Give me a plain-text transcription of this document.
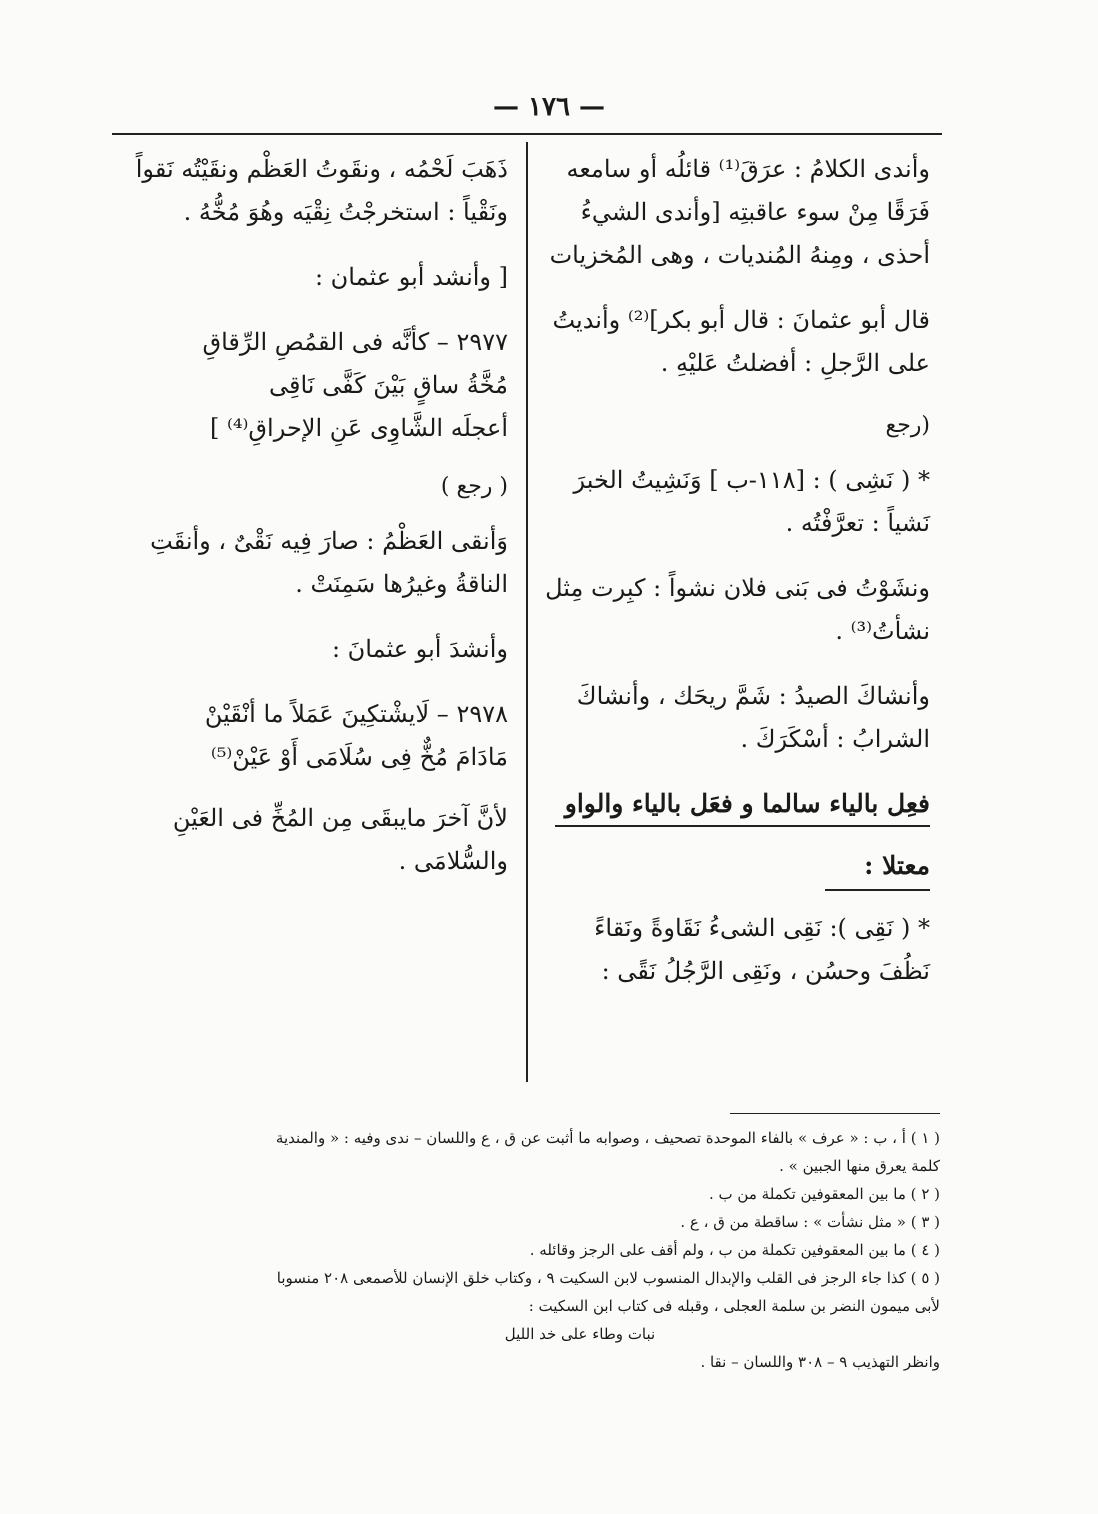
— ١٧٦ —

وأندى الكلامُ : عرَقَ⁽¹⁾ قائلُه أو سامعه فَرَقًا مِنْ سوء عاقبتِه [وأندى الشيءُ أحذى ، ومِنهُ المُنديات ، وهى المُخزيات

قال أبو عثمانَ : قال أبو بكر]⁽²⁾ وأنديتُ على الرَّجلِ : أفضلتُ عَليْهِ .

(رجع

* ( نَشِى ) : [١١٨-ب ] وَنَشِيتُ الخبرَ نَشياً : تعرَّفْتُه .

ونشَوْتُ فى بَنى فلان نشواً : كبِرت مِثل نشأتُ⁽³⁾ .

وأنشاكَ الصيدُ : شَمَّ ريحَك ، وأنشاكَ الشرابُ : أسْكَرَكَ .

فعِل بالياء سالما و فعَل بالياء والواو
معتلا :

* ( نَقِى ): نَقِى الشىءُ نَقَاوةً ونَقاءً نَظُفَ وحسُن ، ونَقِى الرَّجُلُ نَقًى :

ذَهَبَ لَحْمُه ، ونقَوتُ العَظْم ونقَيْتُه نَقواً ونَقْياً : استخرجْتُ نِقْيَه وهُوَ مُخُّهُ .

[ وأنشد أبو عثمان :

٢٩٧٧ – كأنَّه فى القمُصِ الرِّقاقِ
مُخَّةُ ساقٍ بَيْنَ كَفَّى نَاقِى
أعجلَه الشَّاوِى عَنِ الإحراقِ⁽⁴⁾ ]

( رجع )

وَأنقى العَظْمُ : صارَ فِيه نَقْىٌ ، وأنقَتِ الناقةُ وغيرُها سَمِنَتْ .

وأنشدَ أبو عثمانَ :

٢٩٧٨ – لَايشْتكِينَ عَمَلاً ما أنْقَيْنْ
مَادَامَ مُخٌّ فِى سُلَامَى أَوْ عَيْنْ⁽⁵⁾

لأنَّ آخرَ مايبقَى مِن المُخِّ فى العَيْنِ والسُّلامَى .

( ١ ) أ ، ب : « عرف » بالفاء الموحدة تصحيف ، وصوابه ما أثبت عن ق ، ع واللسان – ندى وفيه : « والمندية
كلمة يعرق منها الجبين » .
( ٢ ) ما بين المعقوفين تكملة من ب .
( ٣ ) « مثل نشأت » : ساقطة من ق ، ع .
( ٤ ) ما بين المعقوفين تكملة من ب ، ولم أقف على الرجز وقائله .
( ٥ ) كذا جاء الرجز فى القلب والإبدال المنسوب لابن السكيت ٩ ، وكتاب خلق الإنسان للأصمعى ٢٠٨ منسوبا
لأبى ميمون النضر بن سلمة العجلى ، وقبله فى كتاب ابن السكيت :
نبات وطاء على خد الليل
وانظر التهذيب ٩ – ٣٠٨ واللسان – نقا .
